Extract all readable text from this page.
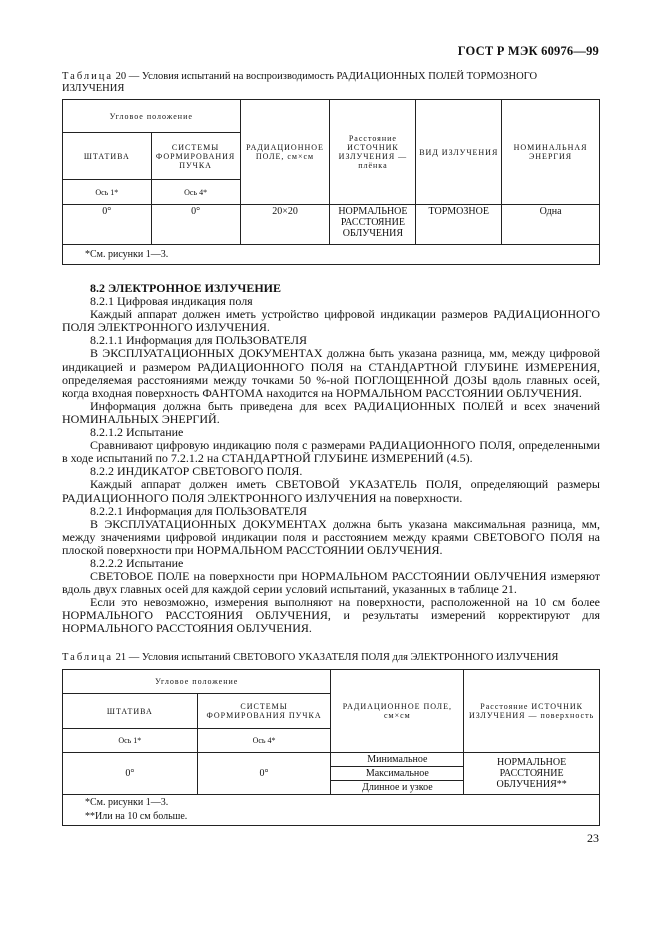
ГОСТ Р МЭК 60976—99
Таблица 20 — Условия испытаний на воспроизводимость РАДИАЦИОННЫХ ПОЛЕЙ ТОРМОЗНОГО ИЗЛУЧЕНИЯ
Угловое положение		РАДИАЦИОННОЕ ПОЛЕ, см×см	Расстояние ИСТОЧНИК ИЗЛУЧЕНИЯ — плёнка	ВИД ИЗЛУЧЕНИЯ	НОМИНАЛЬНАЯ ЭНЕРГИЯ
ШТАТИВА	СИСТЕМЫ ФОРМИРОВАНИЯ ПУЧКА				
Ось 1*	Ось 4*				
0°	0°	20×20	НОРМАЛЬНОЕ РАССТОЯНИЕ ОБЛУЧЕНИЯ	ТОРМОЗНОЕ	Одна
*См. рисунки 1—3.					

8.2 ЭЛЕКТРОННОЕ ИЗЛУЧЕНИЕ

8.2.1 Цифровая индикация поля

Каждый аппарат должен иметь устройство цифровой индикации размеров РАДИАЦИОННОГО ПОЛЯ ЭЛЕКТРОННОГО ИЗЛУЧЕНИЯ.

8.2.1.1 Информация для ПОЛЬЗОВАТЕЛЯ

В ЭКСПЛУАТАЦИОННЫХ ДОКУМЕНТАХ должна быть указана разница, мм, между цифровой индикацией и размером РАДИАЦИОННОГО ПОЛЯ на СТАНДАРТНОЙ ГЛУБИНЕ ИЗМЕРЕНИЯ, определяемая расстояниями между точками 50 %-ной ПОГЛОЩЕННОЙ ДОЗЫ вдоль главных осей, когда входная поверхность ФАНТОМА находится на НОРМАЛЬНОМ РАССТОЯНИИ ОБЛУЧЕНИЯ.

Информация должна быть приведена для всех РАДИАЦИОННЫХ ПОЛЕЙ и всех значений НОМИНАЛЬНЫХ ЭНЕРГИЙ.

8.2.1.2 Испытание

Сравнивают цифровую индикацию поля с размерами РАДИАЦИОННОГО ПОЛЯ, определенными в ходе испытаний по 7.2.1.2 на СТАНДАРТНОЙ ГЛУБИНЕ ИЗМЕРЕНИЙ (4.5).

8.2.2 ИНДИКАТОР СВЕТОВОГО ПОЛЯ.

Каждый аппарат должен иметь СВЕТОВОЙ УКАЗАТЕЛЬ ПОЛЯ, определяющий размеры РАДИАЦИОННОГО ПОЛЯ ЭЛЕКТРОННОГО ИЗЛУЧЕНИЯ на поверхности.

8.2.2.1 Информация для ПОЛЬЗОВАТЕЛЯ

В ЭКСПЛУАТАЦИОННЫХ ДОКУМЕНТАХ должна быть указана максимальная разница, мм, между значениями цифровой индикации поля и расстоянием между краями СВЕТОВОГО ПОЛЯ на плоской поверхности при НОРМАЛЬНОМ РАССТОЯНИИ ОБЛУЧЕНИЯ.

8.2.2.2 Испытание

СВЕТОВОЕ ПОЛЕ на поверхности при НОРМАЛЬНОМ РАССТОЯНИИ ОБЛУЧЕНИЯ измеряют вдоль двух главных осей для каждой серии условий испытаний, указанных в таблице 21.

Если это невозможно, измерения выполняют на поверхности, расположенной на 10 см более НОРМАЛЬНОГО РАССТОЯНИЯ ОБЛУЧЕНИЯ, и результаты измерений корректируют для НОРМАЛЬНОГО РАССТОЯНИЯ ОБЛУЧЕНИЯ.

Таблица 21 — Условия испытаний СВЕТОВОГО УКАЗАТЕЛЯ ПОЛЯ для ЭЛЕКТРОННОГО ИЗЛУЧЕНИЯ
Угловое положение		РАДИАЦИОННОЕ ПОЛЕ, см×см	Расстояние ИСТОЧНИК ИЗЛУЧЕНИЯ — поверхность
ШТАТИВА	СИСТЕМЫ ФОРМИРОВАНИЯ ПУЧКА		
Ось 1*	Ось 4*		
0°	0°	Минимальное	НОРМАЛЬНОЕ РАССТОЯНИЕ ОБЛУЧЕНИЯ**
		Максимальное	
		Длинное и узкое	

*См. рисунки 1—3.
**Или на 10 см больше.			
23
